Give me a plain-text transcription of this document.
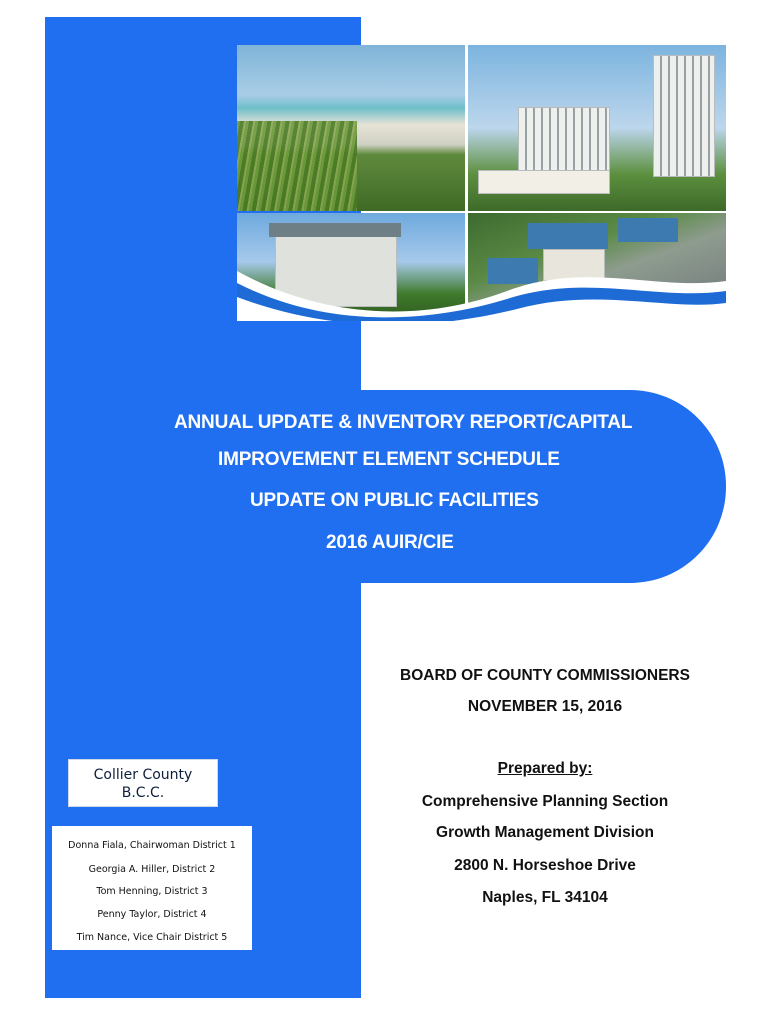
ANNUAL UPDATE & INVENTORY REPORT/CAPITAL
IMPROVEMENT ELEMENT SCHEDULE
UPDATE ON PUBLIC FACILITIES
2016 AUIR/CIE
BOARD OF COUNTY COMMISSIONERS
NOVEMBER 15, 2016
Prepared by:
Comprehensive Planning Section
Growth Management Division
2800 N. Horseshoe Drive
Naples, FL 34104
Collier County
B.C.C.
Donna Fiala, Chairwoman District 1
Georgia A. Hiller, District 2
Tom Henning, District 3
Penny Taylor, District 4
Tim Nance, Vice Chair District 5
